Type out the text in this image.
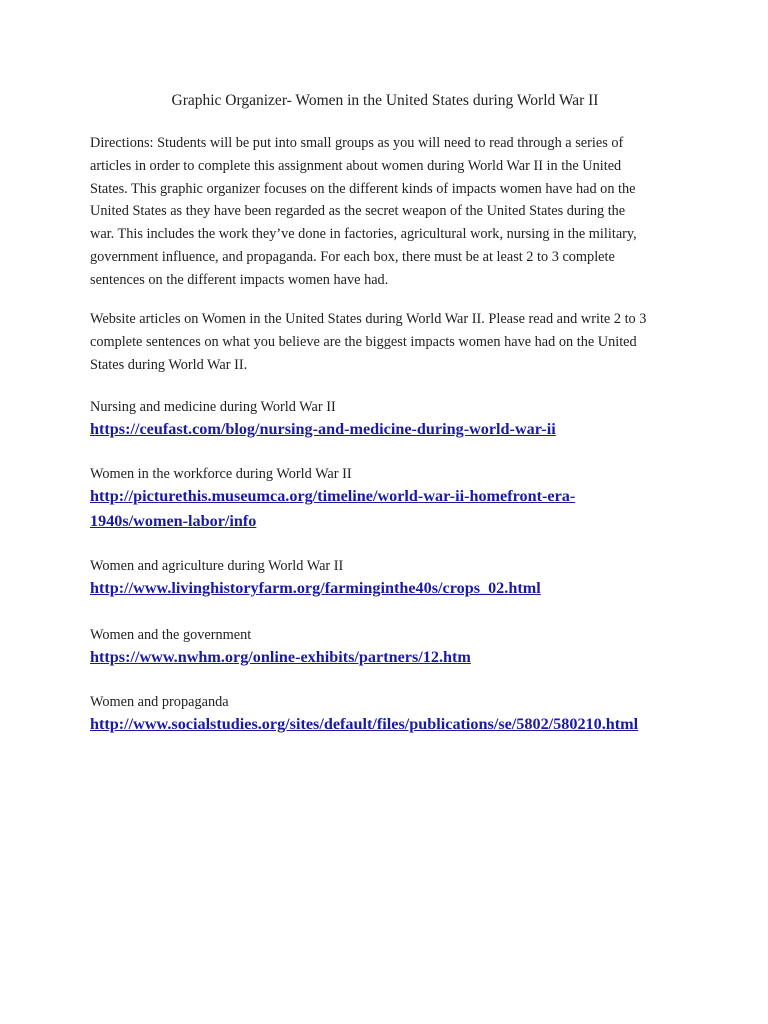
Graphic Organizer- Women in the United States during World War II
Directions: Students will be put into small groups as you will need to read through a series of
articles in order to complete this assignment about women during World War II in the United
States. This graphic organizer focuses on the different kinds of impacts women have had on the
United States as they have been regarded as the secret weapon of the United States during the
war. This includes the work they’ve done in factories, agricultural work, nursing in the military,
government influence, and propaganda. For each box, there must be at least 2 to 3 complete
sentences on the different impacts women have had.
Website articles on Women in the United States during World War II. Please read and write 2 to 3
complete sentences on what you believe are the biggest impacts women have had on the United
States during World War II.
Nursing and medicine during World War II
https://ceufast.com/blog/nursing-and-medicine-during-world-war-ii
Women in the workforce during World War II
http://picturethis.museumca.org/timeline/world-war-ii-homefront-era-
1940s/women-labor/info
Women and agriculture during World War II
http://www.livinghistoryfarm.org/farminginthe40s/crops_02.html
Women and the government
https://www.nwhm.org/online-exhibits/partners/12.htm
Women and propaganda
http://www.socialstudies.org/sites/default/files/publications/se/5802/580210.html
